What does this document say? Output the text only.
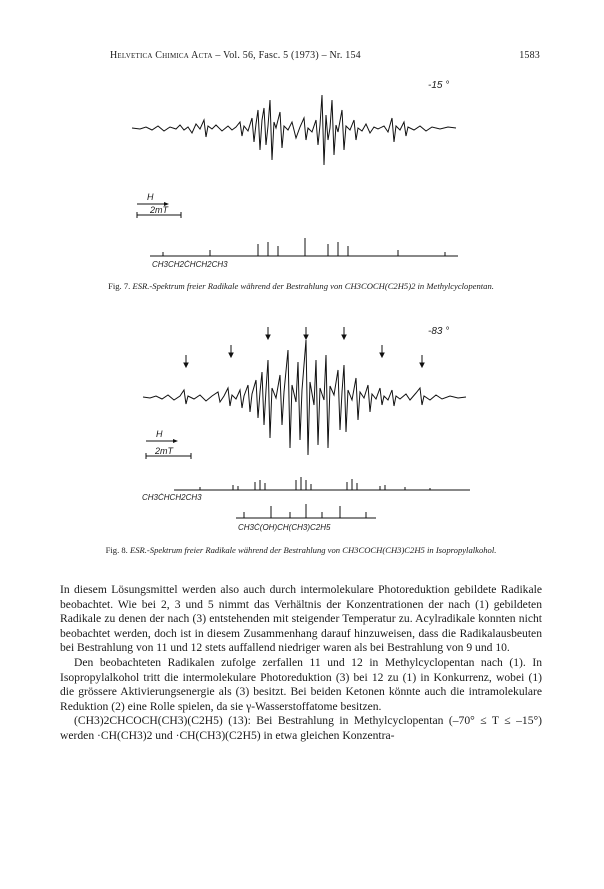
Helvetica Chimica Acta – Vol. 56, Fasc. 5 (1973) – Nr. 154	1583
-15 °
H
2mT
CH3CH2ĊHCH2CH3
Fig. 7. ESR.-Spektrum freier Radikale während der Bestrahlung von CH3COCH(C2H5)2 in Methylcyclopentan.
-83 °
H
2mT
CH3ĊHCH2CH3
CH3Ċ(OH)CH(CH3)C2H5
Fig. 8. ESR.-Spektrum freier Radikale während der Bestrahlung von CH3COCH(CH3)C2H5 in Isopropylalkohol.

In diesem Lösungsmittel werden also auch durch intermolekulare Photoreduktion gebildete Radikale beobachtet. Wie bei 2, 3 und 5 nimmt das Verhältnis der Konzentrationen der nach (1) gebildeten Radikale zu denen der nach (3) entstehenden mit steigender Temperatur zu. Acylradikale konnten nicht beobachtet werden, doch ist in diesem Zusammenhang darauf hinzuweisen, dass die Radikalausbeuten bei Bestrahlung von 11 und 12 stets auffallend niedriger waren als bei Bestrahlung von 9 und 10.

Den beobachteten Radikalen zufolge zerfallen 11 und 12 in Methylcyclopentan nach (1). In Isopropylalkohol tritt die intermolekulare Photoreduktion (3) bei 12 zu (1) in Konkurrenz, wobei (1) die grössere Aktivierungsenergie als (3) besitzt. Bei beiden Ketonen könnte auch die intramolekulare Reduktion (2) eine Rolle spielen, da sie γ-Wasserstoffatome besitzen.

(CH3)2CHCOCH(CH3)(C2H5) (13): Bei Bestrahlung in Methylcyclopentan (–70° ≤ T ≤ –15°) werden ·CH(CH3)2 und ·CH(CH3)(C2H5) in etwa gleichen Konzentra-
